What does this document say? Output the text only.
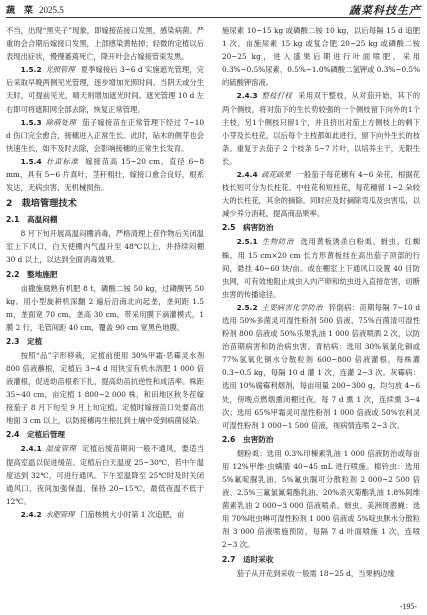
蔬　菜 2025.5	蔬菜科技生产

不当，出现“黑夹子”现象，即嫁接苗接口发黑，感染病菌。严重的会合期后嫁接口发黑，上部感染黄枯掉；轻微的定植以后表现出症状，慢慢萎蔫死亡，降开叶会占嫁接管束发黑。

1.5.2  光照管理  夏季嫁接后 3~6 d 实施遮光管理，完后采取早晚两侧见光管理，逐步增加光照时间。当阴天或分生天时，可提前见光，晴天则增加遮光时间。遮光管理 10 d 左右即可将遮阳网全部去除，恢复正常管理。

1.5.3  除萌处理  茄子嫁接苗在正常管理下经过 7~10 d 伤口完全愈合，接穗进入正常生长。此时，砧木的侧芽也会快速生长，如不及时去除，会影响接穗的正常生长发育。

1.5.4  壮苗标准  嫁接苗高 15~20 cm，直径 6~8 mm，具有 5~6 片真叶，茎秆粗壮，嫁接口愈合良好，根系发达，无病虫害，无机械损伤。

2　栽培管理技术
2.1　高温闷棚

8 月下旬开展高温闷棚消毒，严格清理上茬作物后关闭温室上下风口，白天使棚内气温升至 48℃以上，并持续闷棚 30 d 以上，以达到全面消毒效果。

2.2　整地施肥

亩撒施腐熟有机肥 8 t，磷酸二铵 50 kg，过磷酸钙 50 kg。用小型旋耕机深翻 2 遍后沿南北向起垄，垄间距 1.5 m，垄面宽 70 cm，垄高 30 cm，带采用膜下滴灌模式，1 膜 2 行，毛管间距 40 cm，覆盖 90 cm 宽黑色地膜。

2.3　定植

按照“品”字形移栽，定植前使用 30%甲霜·恶霉灵水剂 800 倍液蘸根，定植后 3~4 d 用快宝有机水溶肥 1 000 倍液灌根，促进幼苗根系下扎，提高幼苗抗逆性和成活率。株距 35~40 cm，亩定植 1 800~2 000 株，和田地区秋冬茬嫁接茄子 8 月下旬至 9 月上旬定植。定植时嫁接苗口处要高出地面 3 cm 以上，以防接穗再生根扎到土壤中受到病菌侵染。

2.4　定植后管理

2.4.1  温度管理  定植后缓苗期间一般不通风，要适当提高室温以促进缓苗。定植后白天温度 25~30℃，若中午温度达到 32℃，可进行通风。下午室温降至 25℃时及时关闭通风口，夜间加强保温，保持 20~15℃，最低夜温不低于 12℃。

2.4.2  水肥管理  门茄核桃大小时第 1 次追肥，亩

施尿素 10~15 kg 或磷酸二铵 10 kg，以后每隔 15 d 追肥 1 次，亩施尿素 15 kg 或复合肥 20~25 kg 或磷酸二铵 20~25 kg，进入盛果后期进行叶面喷肥，采用 0.3%~0.5%尿素、0.5%~1.0%磷酸二氢钾或 0.3%~0.5%的硫酸钾溶液。

2.4.3  整枝打杈  采用双干整枝，从对茄开始，其下的两个侧枝，将对茄下的生长势较强的一个侧枝留下向外的1个主枝，另1个侧枝只留1个，并且挤出对茄上方侧枝上的剩下小芽及长柱花，以后每个主枝都如此进行，留下向外生长的枝条。重复于去茄子 2 个枝条 5~7 片叶，以培养主干，无限生长。

2.4.4  疏花疏果  一般茄子每花穗有 4~6 朵花，根据花枝长短可分为长柱花、中柱花和短柱花，每花穗留 1~2 朵较大的长柱花，其余的摘除。同时应及时摘除弯瓜及虫害瓜，以减少养分消耗，提高商品果率。

2.5　病害防治

2.5.1  生物防治  选用黄板诱杀白粉虱、蚜虫、红蜘蛛。用 15 cm×20 cm 长方形黄板挂在高出茄子顶部的行间，悬挂 40~60 块/亩。或在棚室上下通风口设置 40 目防虫网，可有效地阻止成虫入内产卵和幼虫进入直接危害，切断虫害的传播途径。

2.5.2  主要病害化学防治  猝倒病：苗期每隔 7~10 d 选用 50%多菌灵可湿性粉剂 500 倍液、75%百菌清可湿性粉剂 800 倍液或 50%乐果乳油 1 000 倍液喷洒 2 次，以防治苗期病害和防治病虫害。青枯病：选用 30%氧氯化铜或 77%氢氧化铜水分散粒剂 600~800 倍液灌根，每株灌 0.3~0.5 kg，每隔 10 d 灌 1 次，连灌 2~3 次。灰霉病：选用 10%腐霉利烟剂，每亩用量 200~300 g，均匀放 4~6 处，傍晚点燃烟熏闭棚过夜，每 7 d 熏 1 次，连续熏 3~4 次；选用 65%甲霜灵可湿性粉剂 1 000 倍液或 50%农利灵可湿性粉剂 1 000~1 500 倍液，视病情连喷 2~3 次。

2.6　虫害防治

烟粉虱：选用 0.3%印楝素乳油 1 000 倍液防治或每亩用 12%甲维·虫螨腈 40~45 mL 进行喷施。棉铃虫：选用 5%氟啶脲乳油、5%氟虫脲可分散粒剂 2 000~2 500 倍液、2.5%三氟氯氰菊酯乳油、20%杀灭菊酯乳油 1.8%阿维菌素乳油 2 000~3 000 倍液喷杀。蚜虫、美洲斑潜蝇：选用 70%吡虫啉可湿性粉剂 1 000 倍液或 5%啶虫脒水分散粒剂 3 000 倍液喷施预防，每隔 7 d 叶面喷施 1 次，连喷 2~3 次。

2.7　适时采收

茄子从开花到采收一般需 18~25 d，当果柄边缘

-195-
